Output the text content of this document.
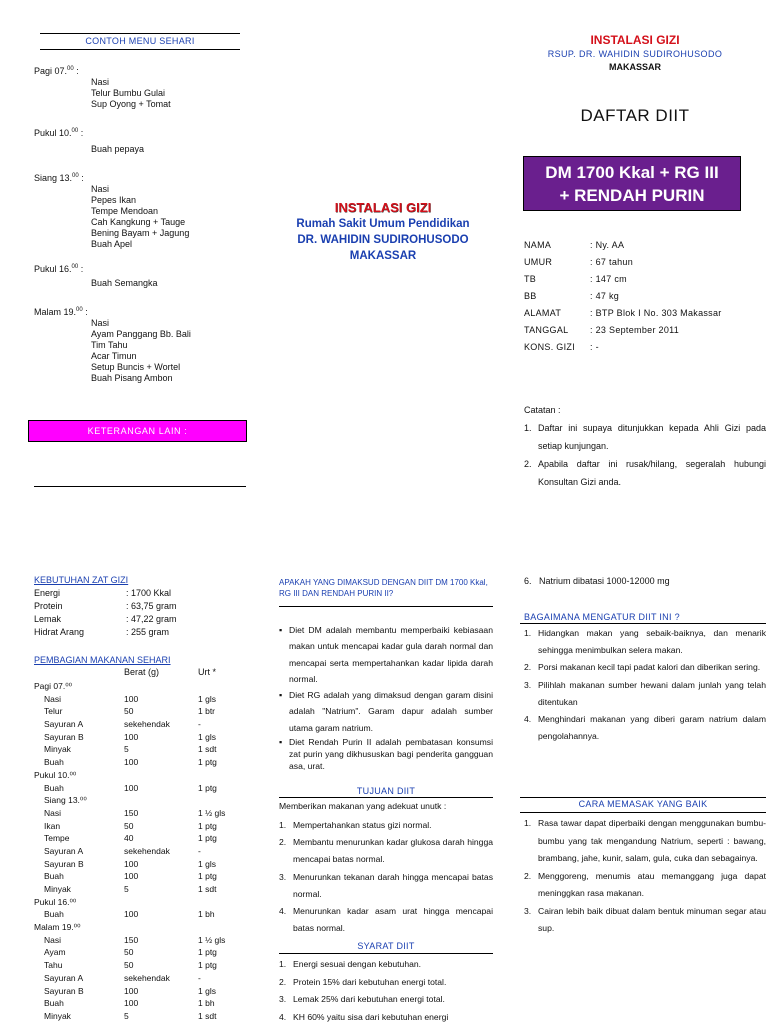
CONTOH MENU SEHARI
Pagi 07.00 :
Nasi
Telur Bumbu Gulai
Sup Oyong + Tomat
Pukul 10.00 :
Buah pepaya
Siang 13.00 :
Nasi
Pepes Ikan
Tempe Mendoan
Cah Kangkung + Tauge
Bening Bayam + Jagung
Buah Apel
Pukul 16.00 :
Buah Semangka
Malam 19.00 :
Nasi
Ayam Panggang Bb. Bali
Tim Tahu
Acar Timun
Setup Buncis + Wortel
Buah Pisang Ambon
KETERANGAN LAIN :
INSTALASI GIZI
Rumah Sakit Umum Pendidikan
DR. WAHIDIN SUDIROHUSODO
MAKASSAR
INSTALASI GIZI
RSUP. DR. WAHIDIN SUDIROHUSODO
MAKASSAR
DAFTAR DIIT
DM 1700 Kkal + RG III
+ RENDAH PURIN
NAMA	: Ny. AA
UMUR	: 67 tahun
TB	: 147 cm
BB	: 47 kg
ALAMAT	: BTP Blok I No. 303 Makassar
TANGGAL : 23 September 2011
KONS. GIZI : -
Catatan :
1. Daftar ini supaya ditunjukkan kepada Ahli Gizi pada setiap kunjungan.
2. Apabila daftar ini rusak/hilang, segeralah hubungi Konsultan Gizi anda.
KEBUTUHAN ZAT GIZI
Energi	: 1700 Kkal
Protein	: 63,75 gram
Lemak	: 47,22 gram
Hidrat Arang	: 255 gram
PEMBAGIAN MAKANAN SEHARI
Berat (g)	Urt *
Pagi 07.⁰⁰
Nasi	100	1 gls
Telur	50	1 btr
Sayuran A	sekehendak	-
Sayuran B	100	1 gls
Minyak	5	1 sdt
Buah	100	1 ptg
Pukul 10.⁰⁰
Buah	100	1 ptg
Siang 13.⁰⁰
Nasi	150	1 ½ gls
Ikan	50	1 ptg
Tempe	40	1 ptg
Sayuran A	sekehendak	-
Sayuran B	100	1 gls
Buah	100	1 ptg
Minyak	5	1 sdt
Pukul 16.⁰⁰
Buah	100	1 bh
Malam 19.⁰⁰
Nasi	150	1 ½ gls
Ayam	50	1 ptg
Tahu	50	1 ptg
Sayuran A	sekehendak	-
Sayuran B	100	1 gls
Buah	100	1 bh
Minyak	5	1 sdt
APAKAH YANG DIMAKSUD DENGAN DIIT DM 1700 Kkal, RG III DAN RENDAH PURIN II?
▪ Diet DM adalah membantu memperbaiki kebiasaan makan untuk mencapai kadar gula darah normal dan mencapai serta mempertahankan kadar lipida darah normal.
▪ Diet RG adalah yang dimaksud dengan garam disini adalah "Natrium". Garam dapur adalah sumber utama garam natrium.
▪ Diet Rendah Purin II adalah pembatasan konsumsi zat purin yang dikhususkan bagi penderita gangguan asa, urat.
TUJUAN DIIT
Memberikan makanan yang adekuat unutk :
1. Mempertahankan status gizi normal.
2. Membantu menurunkan kadar glukosa darah hingga mencapai batas normal.
3. Menurunkan tekanan darah hingga mencapai batas normal.
4. Menurunkan kadar asam urat hingga mencapai batas normal.
SYARAT DIIT
1. Energi sesuai dengan kebutuhan.
2. Protein 15% dari kebutuhan energi total.
3. Lemak 25% dari kebutuhan energi total.
4. KH 60% yaitu sisa dari kebutuhan energi
6.   Natrium dibatasi 1000-12000 mg
BAGAIMANA MENGATUR DIIT INI ?
1. Hidangkan makan yang sebaik-baiknya, dan menarik sehingga menimbulkan selera makan.
2. Porsi makanan kecil tapi padat kalori dan diberikan sering.
3. Pilihlah makanan sumber hewani dalam junlah yang telah ditentukan
4. Menghindari makanan yang diberi garam natrium dalam pengolahannya.
CARA MEMASAK YANG BAIK
1. Rasa tawar dapat diperbaiki dengan menggunakan bumbu-bumbu yang tak mengandung Natrium, seperti : bawang, brambang, jahe, kunir, salam, gula, cuka dan sebagainya.
2. Menggoreng, menumis atau memanggang juga dapat meninggkan rasa makanan.
3. Cairan lebih baik dibuat dalam bentuk minuman segar atau sup.
